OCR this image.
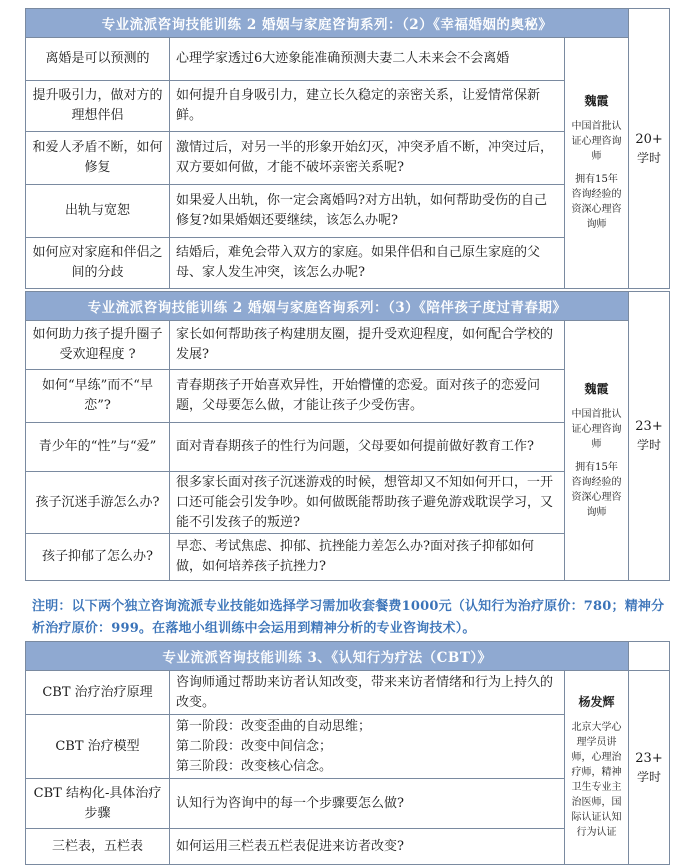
专业流派咨询技能训练 2 婚姻与家庭咨询系列：（2）《幸福婚姻的奥秘》			20+
学时
离婚是可以预测的	心理学家透过6大迹象能准确预测夫妻二人未来会不会离婚	魏霞
中国首批认证心理咨询师
拥有15年咨询经验的资深心理咨询师	
提升吸引力，做对方的理想伴侣	如何提升自身吸引力，建立长久稳定的亲密关系，让爱情常保新鲜。		
和爱人矛盾不断，如何修复	激情过后，对另一半的形象开始幻灭，冲突矛盾不断，冲突过后，双方要如何做，才能不破坏亲密关系呢?		
出轨与宽恕	如果爱人出轨，你一定会离婚吗?对方出轨，如何帮助受伤的自己修复?如果婚姻还要继续，该怎么办呢?		
如何应对家庭和伴侣之间的分歧	结婚后，难免会带入双方的家庭。如果伴侣和自己原生家庭的父母、家人发生冲突，该怎么办呢?		
专业流派咨询技能训练 2 婚姻与家庭咨询系列：（3）《陪伴孩子度过青春期》			23+
学时
如何助力孩子提升圈子受欢迎程度 ?	家长如何帮助孩子构建朋友圈，提升受欢迎程度，如何配合学校的发展?	魏霞
中国首批认证心理咨询师
拥有15年咨询经验的资深心理咨询师	
如何“早练”而不“早恋”?	青春期孩子开始喜欢异性，开始懵懂的恋爱。面对孩子的恋爱问题，父母要怎么做，才能让孩子少受伤害。		
青少年的“性”与“爱”	面对青春期孩子的性行为问题，父母要如何提前做好教育工作?		
孩子沉迷手游怎么办?	很多家长面对孩子沉迷游戏的时候，想管却又不知如何开口，一开口还可能会引发争吵。如何做既能帮助孩子避免游戏耽误学习，又能不引发孩子的叛逆?		
孩子抑郁了怎么办?	早恋、考试焦虑、抑郁、抗挫能力差怎么办?面对孩子抑郁如何做，如何培养孩子抗挫力?		
注明：以下两个独立咨询流派专业技能如选择学习需加收套餐费1000元（认知行为治疗原价：780；精神分析治疗原价：999。在落地小组训练中会运用到精神分析的专业咨询技术）。
专业流派咨询技能训练 3、《认知行为疗法（CBT）》			
CBT 治疗治疗原理	咨询师通过帮助来访者认知改变，带来来访者情绪和行为上持久的改变。	杨发辉
北京大学心理学员讲师，心理治疗师，精神卫生专业主治医师，国际认证认知行为认证	23+
学时
CBT 治疗模型	第一阶段：改变歪曲的自动思维；
第二阶段：改变中间信念；
第三阶段：改变核心信念。		

CBT 结构化-具体治疗步骤	认知行为咨询中的每一个步骤要怎么做?		
三栏表，五栏表	如何运用三栏表五栏表促进来访者改变?		
